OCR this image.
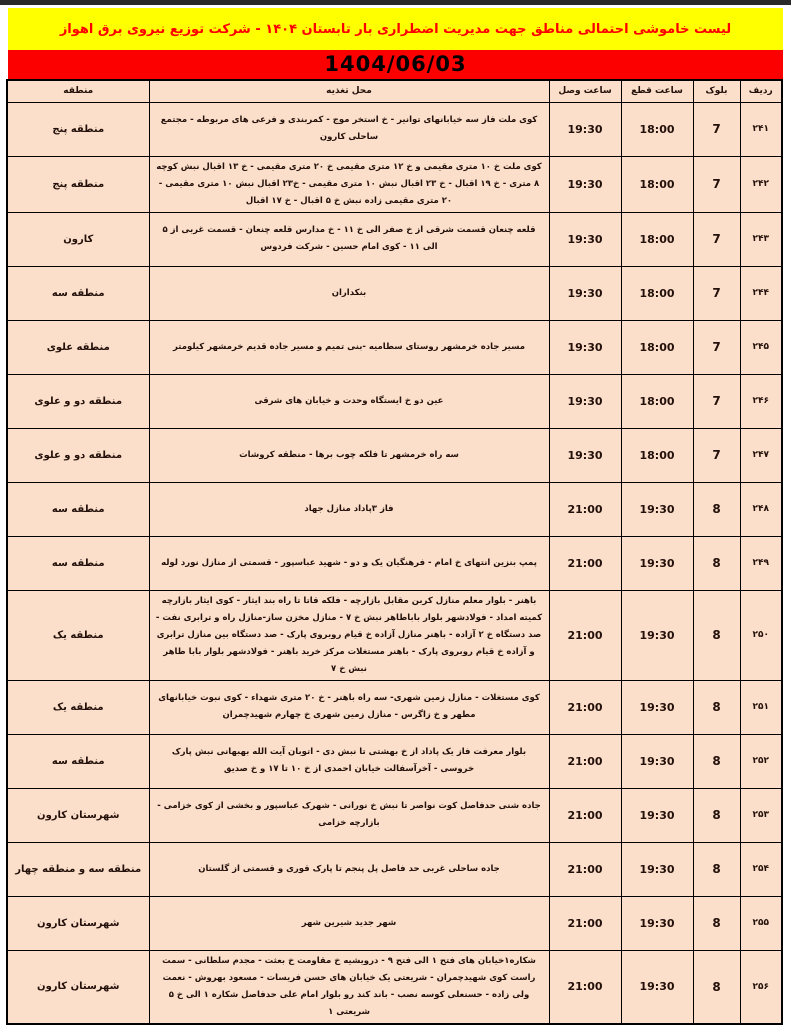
لیست خاموشی احتمالی مناطق جهت مدیریت اضطراری بار تابستان ۱۴۰۴ - شرکت توزیع نیروی برق اهواز
1404/06/03
ردیف	بلوک	ساعت قطع	ساعت وصل	محل تغذیه	منطقه
۲۴۱	7	18:00	19:30	کوی ملت فاز سه خیابانهای توانیر - خ استخر موج - کمربندی و فرعی های مربوطه - مجتمع ساحلی کارون	منطقه پنج
۲۴۲	7	18:00	19:30	کوی ملت خ ۱۰ متری مقیمی و خ ۱۲ متری مقیمی خ ۲۰ متری مقیمی - خ ۱۳ اقبال نبش کوچه ۸ متری - خ ۱۹ اقبال - خ ۲۳ اقبال نبش ۱۰ متری مقیمی - خ۲۳ اقبال نبش ۱۰ متری مقیمی - ۲۰ متری مقیمی زاده نبش خ ۵ اقبال - خ ۱۷ اقبال	منطقه پنج
۲۴۳	7	18:00	19:30	قلعه چنعان قسمت شرقی از خ صفر الی خ ۱۱ - خ مدارس قلعه چنعان - قسمت غربی از ۵ الی ۱۱ - کوی امام حسین - شرکت فردوس	کارون
۲۴۴	7	18:00	19:30	بنکداران	منطقه سه
۲۴۵	7	18:00	19:30	مسیر جاده خرمشهر روستای سطامیه -بنی تمیم و مسیر جاده قدیم خرمشهر کیلومتر	منطقه علوی
۲۴۶	7	18:00	19:30	عین دو خ ایستگاه وحدت و خیابان های شرقی	منطقه دو و علوی
۲۴۷	7	18:00	19:30	سه راه خرمشهر تا فلکه چوب برها - منطقه کروشات	منطقه دو و علوی
۲۴۸	8	19:30	21:00	فاز ۳پاداد منازل جهاد	منطقه سه
۲۴۹	8	19:30	21:00	پمپ بنزین انتهای خ امام - فرهنگیان یک و دو - شهید عباسپور - قسمتی از منازل نورد لوله	منطقه سه
۲۵۰	8	19:30	21:00	باهنر - بلوار معلم منازل کربن مقابل بازارچه - فلکه قاتا تا راه بند ایثار - کوی ایثار بازارچه کمیته امداد - فولادشهر بلوار باباطاهر نبش خ ۷ - منازل مخزن ساز-منازل راه و ترابری نفت - صد دستگاه خ ۲ آزاده - باهنر منازل آزاده خ قیام روبروی پارک - صد دستگاه بین منازل ترابری و آزاده خ قیام روبروی پارک - باهنر مستغلات مرکز خرید باهنر - فولادشهر بلوار بابا طاهر نبش خ ۷	منطقه یک
۲۵۱	8	19:30	21:00	کوی مستغلات - منازل زمین شهری- سه راه باهنر - خ ۲۰ متری شهداء - کوی نبوت خیابانهای مطهر و خ زاگرس - منازل زمین شهری خ چهارم شهیدچمران	منطقه یک
۲۵۲	8	19:30	21:00	بلوار معرفت فاز یک پاداد از خ بهشتی تا نبش دی - اتوبان آیت الله بهبهانی نبش پارک خروسی - آخرآسفالت خیابان احمدی از خ ۱۰ تا ۱۷ و خ صدیق	منطقه سه
۲۵۳	8	19:30	21:00	جاده شنی حدفاصل کوت نواصر تا نبش خ نورانی - شهرک عباسپور و بخشی از کوی خزامی - بازارچه خزامی	شهرستان کارون
۲۵۴	8	19:30	21:00	جاده ساحلی غربی حد فاصل پل پنجم تا پارک قوری و قسمتی از گلستان	منطقه سه و منطقه چهار
۲۵۵	8	19:30	21:00	شهر جدید شیرین شهر	شهرستان کارون
۲۵۶	8	19:30	21:00	شکاره۱خیابان های فتح ۱ الی فتح ۹ - درویشیه خ مقاومت خ بعثت - مجدم سلطانی - سمت راست کوی شهیدچمران - شریعتی یک خیابان های حسن فریسات - مسعود بهروش - نعمت ولی زاده - حسنعلی کوسه نصب - باند کند رو بلوار امام علی حدفاصل شکاره ۱ الی خ ۵ شریعتی ۱	شهرستان کارون
